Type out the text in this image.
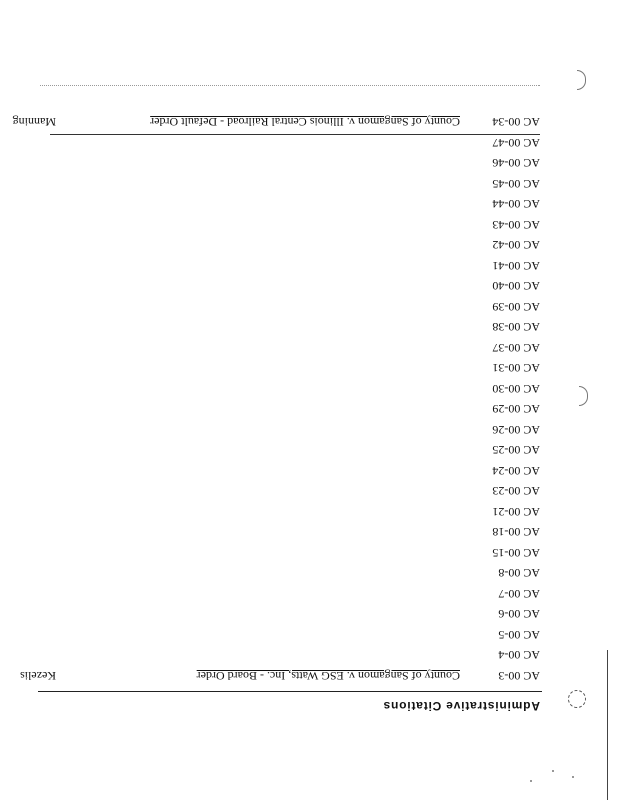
Administrative Citations
AC 00-3
County of Sangamon v. ESG Watts, Inc. - Board Order
Kezelis
AC 00-4
AC 00-5
AC 00-6
AC 00-7
AC 00-8
AC 00-15
AC 00-18
AC 00-21
AC 00-23
AC 00-24
AC 00-25
AC 00-26
AC 00-29
AC 00-30
AC 00-31
AC 00-37
AC 00-38
AC 00-39
AC 00-40
AC 00-41
AC 00-42
AC 00-43
AC 00-44
AC 00-45
AC 00-46
AC 00-47
AC 00-34
County of Sangamon v. Illinois Central Railroad - Default Order
Manning
